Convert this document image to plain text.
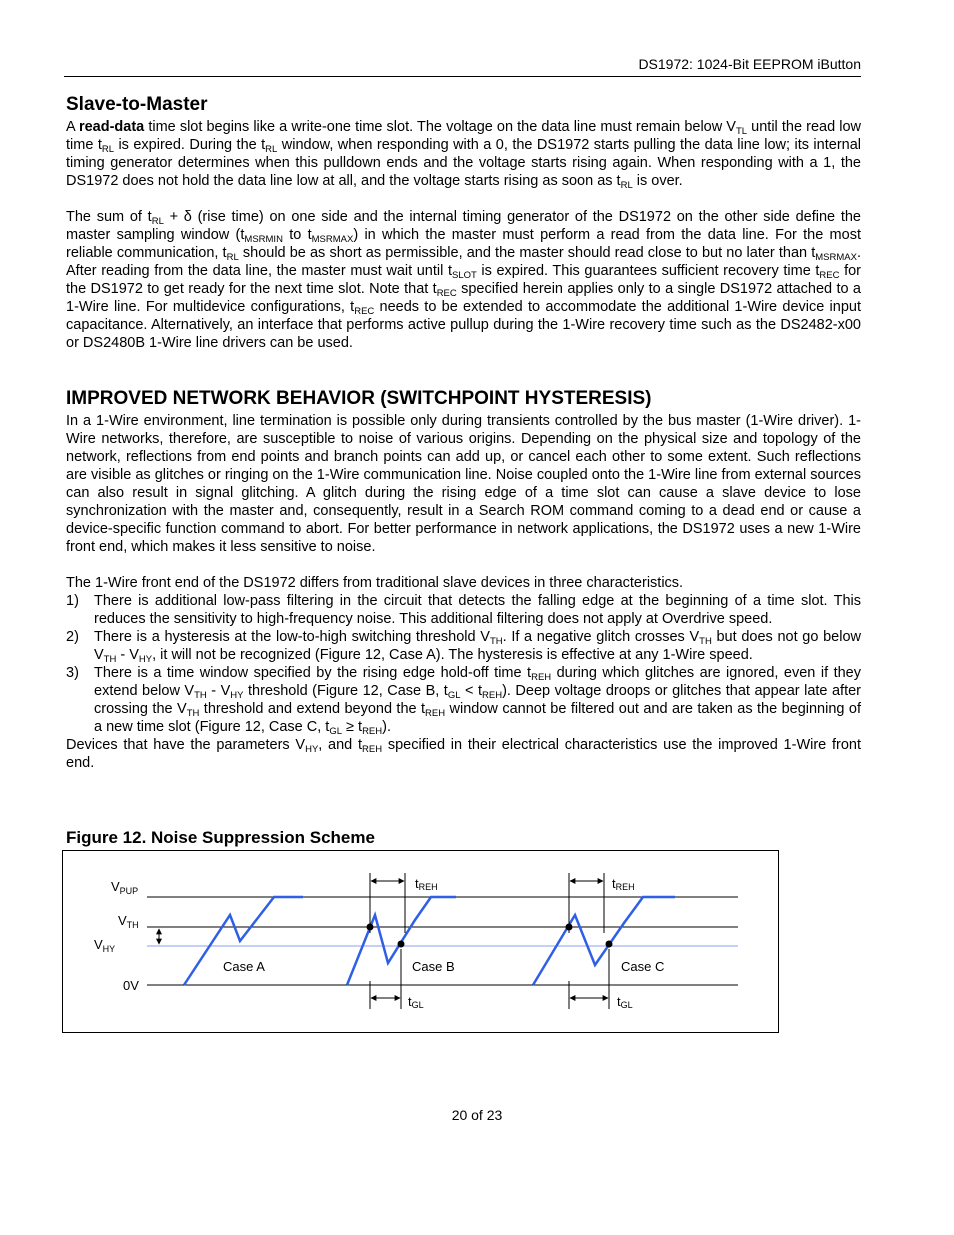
DS1972: 1024-Bit EEPROM iButton
Slave-to-Master

A read-data time slot begins like a write-one time slot. The voltage on the data line must remain below $V_{TL}$ until the read low time $t_{RL}$ is expired. During the $t_{RL}$ window, when responding with a 0, the DS1972 starts pulling the data line low; its internal timing generator determines when this pulldown ends and the voltage starts rising again. When responding with a 1, the DS1972 does not hold the data line low at all, and the voltage starts rising as soon as $t_{RL}$ is over.

The sum of $t_{RL} + \delta$ (rise time) on one side and the internal timing generator of the DS1972 on the other side define the master sampling window ($t_{MSRMIN}$ to $t_{MSRMAX}$) in which the master must perform a read from the data line. For the most reliable communication, $t_{RL}$ should be as short as permissible, and the master should read close to but no later than $t_{MSRMAX}$. After reading from the data line, the master must wait until $t_{SLOT}$ is expired. This guarantees sufficient recovery time $t_{REC}$ for the DS1972 to get ready for the next time slot. Note that $t_{REC}$ specified herein applies only to a single DS1972 attached to a 1-Wire line. For multidevice configurations, $t_{REC}$ needs to be extended to accommodate the additional 1-Wire device input capacitance. Alternatively, an interface that performs active pullup during the 1-Wire recovery time such as the DS2482-x00 or DS2480B 1-Wire line drivers can be used.

IMPROVED NETWORK BEHAVIOR (SWITCHPOINT HYSTERESIS)

In a 1-Wire environment, line termination is possible only during transients controlled by the bus master (1-Wire driver). 1-Wire networks, therefore, are susceptible to noise of various origins. Depending on the physical size and topology of the network, reflections from end points and branch points can add up, or cancel each other to some extent. Such reflections are visible as glitches or ringing on the 1-Wire communication line. Noise coupled onto the 1-Wire line from external sources can also result in signal glitching. A glitch during the rising edge of a time slot can cause a slave device to lose synchronization with the master and, consequently, result in a Search ROM command coming to a dead end or cause a device-specific function command to abort. For better performance in network applications, the DS1972 uses a new 1-Wire front end, which makes it less sensitive to noise.

The 1-Wire front end of the DS1972 differs from traditional slave devices in three characteristics.

1) There is additional low-pass filtering in the circuit that detects the falling edge at the beginning of a time slot. This reduces the sensitivity to high-frequency noise. This additional filtering does not apply at Overdrive speed.
2) There is a hysteresis at the low-to-high switching threshold $V_{TH}$. If a negative glitch crosses $V_{TH}$ but does not go below $V_{TH} - V_{HY}$, it will not be recognized (Figure 12, Case A). The hysteresis is effective at any 1-Wire speed.
3) There is a time window specified by the rising edge hold-off time $t_{REH}$ during which glitches are ignored, even if they extend below $V_{TH} - V_{HY}$ threshold (Figure 12, Case B, $t_{GL} < t_{REH}$). Deep voltage droops or glitches that appear late after crossing the $V_{TH}$ threshold and extend beyond the $t_{REH}$ window cannot be filtered out and are taken as the beginning of a new time slot (Figure 12, Case C, $t_{GL} \ge t_{REH}$).

Devices that have the parameters $V_{HY}$, and $t_{REH}$ specified in their electrical characteristics use the improved 1-Wire front end.

Figure 12. Noise Suppression Scheme
$V_{PUP}$
$V_{TH}$
$V_{HY}$
0V
Case A	Case B	Case C
tREH	tREH
tGL	tGL
20 of 23
